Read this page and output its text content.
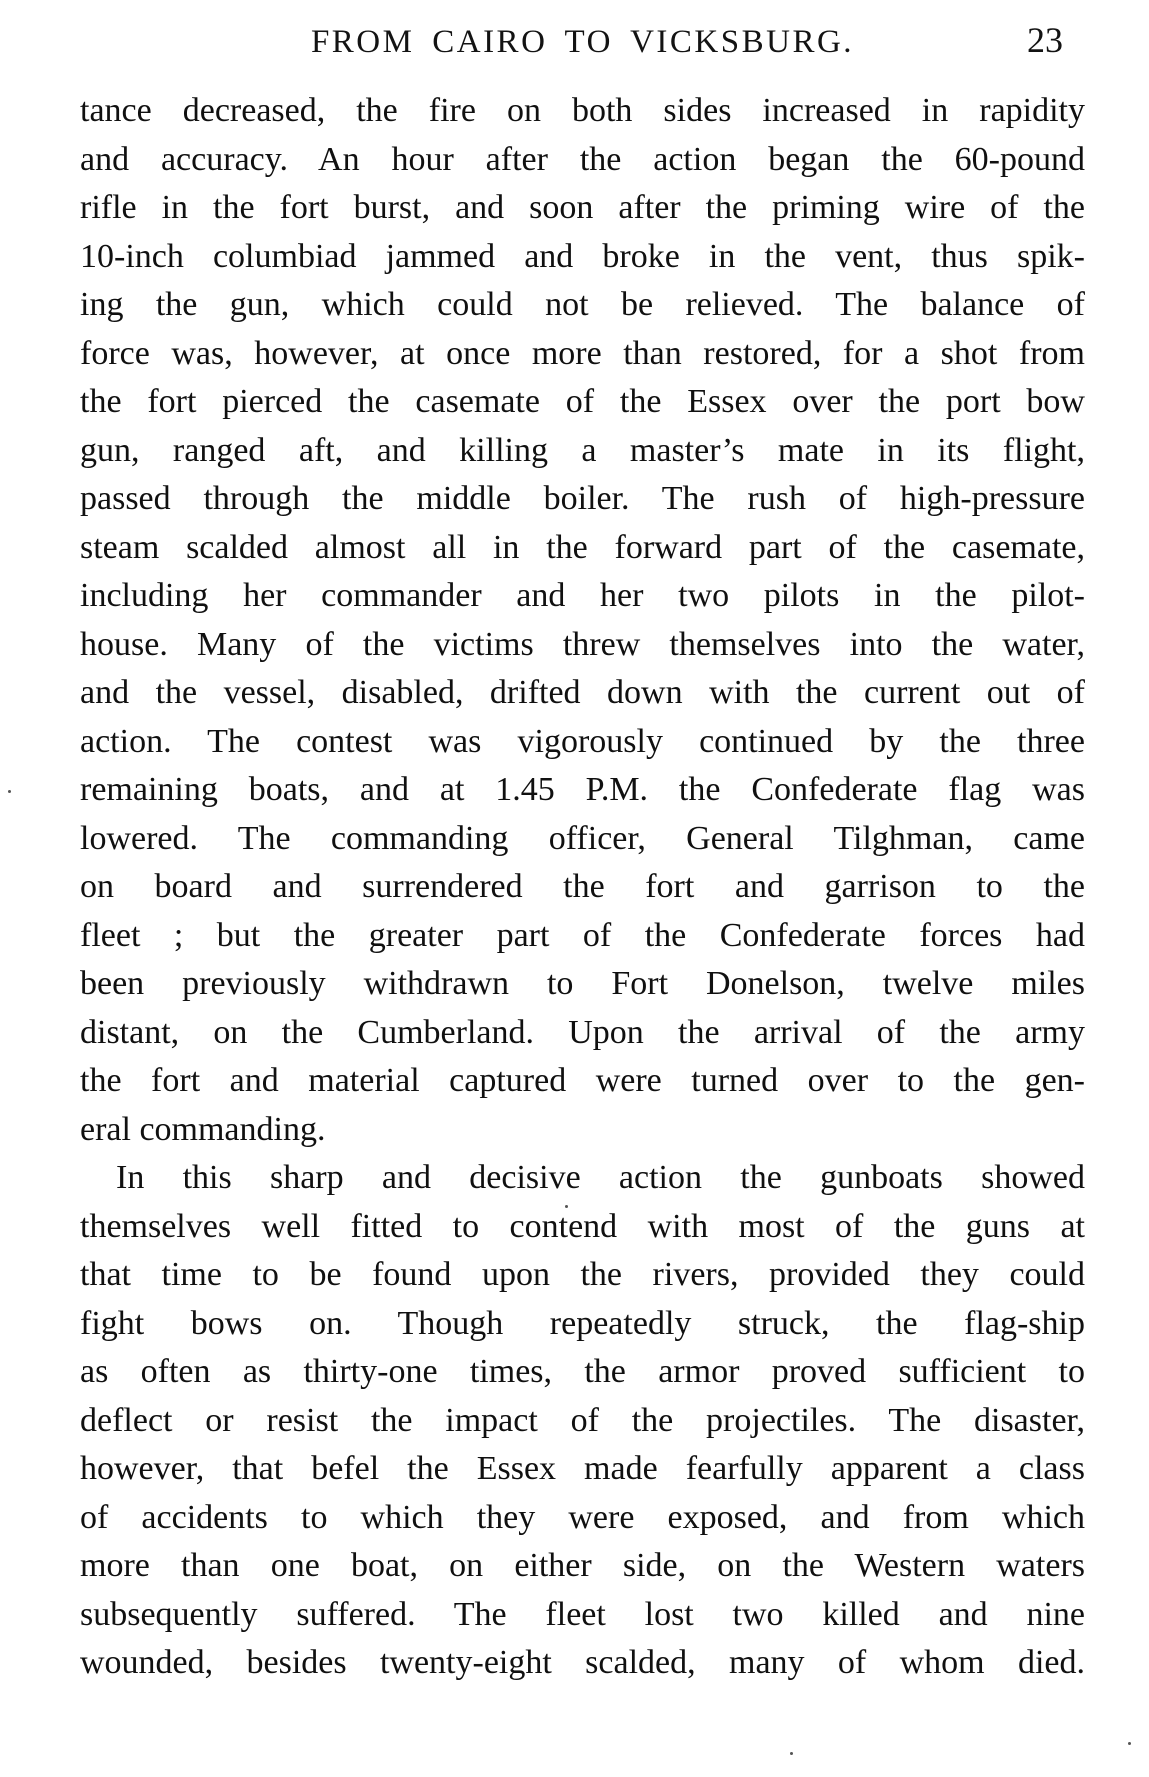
FROM CAIRO TO VICKSBURG.	23
tance decreased, the fire on both sides increased in rapidity
and accuracy. An hour after the action began the 60-pound
rifle in the fort burst, and soon after the priming wire of the
10-inch columbiad jammed and broke in the vent, thus spik-
ing the gun, which could not be relieved. The balance of
force was, however, at once more than restored, for a shot from
the fort pierced the casemate of the Essex over the port bow
gun, ranged aft, and killing a master’s mate in its flight,
passed through the middle boiler. The rush of high-pressure
steam scalded almost all in the forward part of the casemate,
including her commander and her two pilots in the pilot-
house. Many of the victims threw themselves into the water,
and the vessel, disabled, drifted down with the current out of
action. The contest was vigorously continued by the three
remaining boats, and at 1.45 P.M. the Confederate flag was
lowered. The commanding officer, General Tilghman, came
on board and surrendered the fort and garrison to the
fleet ; but the greater part of the Confederate forces had
been previously withdrawn to Fort Donelson, twelve miles
distant, on the Cumberland. Upon the arrival of the army
the fort and material captured were turned over to the gen-
eral commanding.
In this sharp and decisive action the gunboats showed
themselves well fitted to contend with most of the guns at
that time to be found upon the rivers, provided they could
fight bows on. Though repeatedly struck, the flag-ship
as often as thirty-one times, the armor proved sufficient to
deflect or resist the impact of the projectiles. The disaster,
however, that befel the Essex made fearfully apparent a class
of accidents to which they were exposed, and from which
more than one boat, on either side, on the Western waters
subsequently suffered. The fleet lost two killed and nine
wounded, besides twenty-eight scalded, many of whom died.
